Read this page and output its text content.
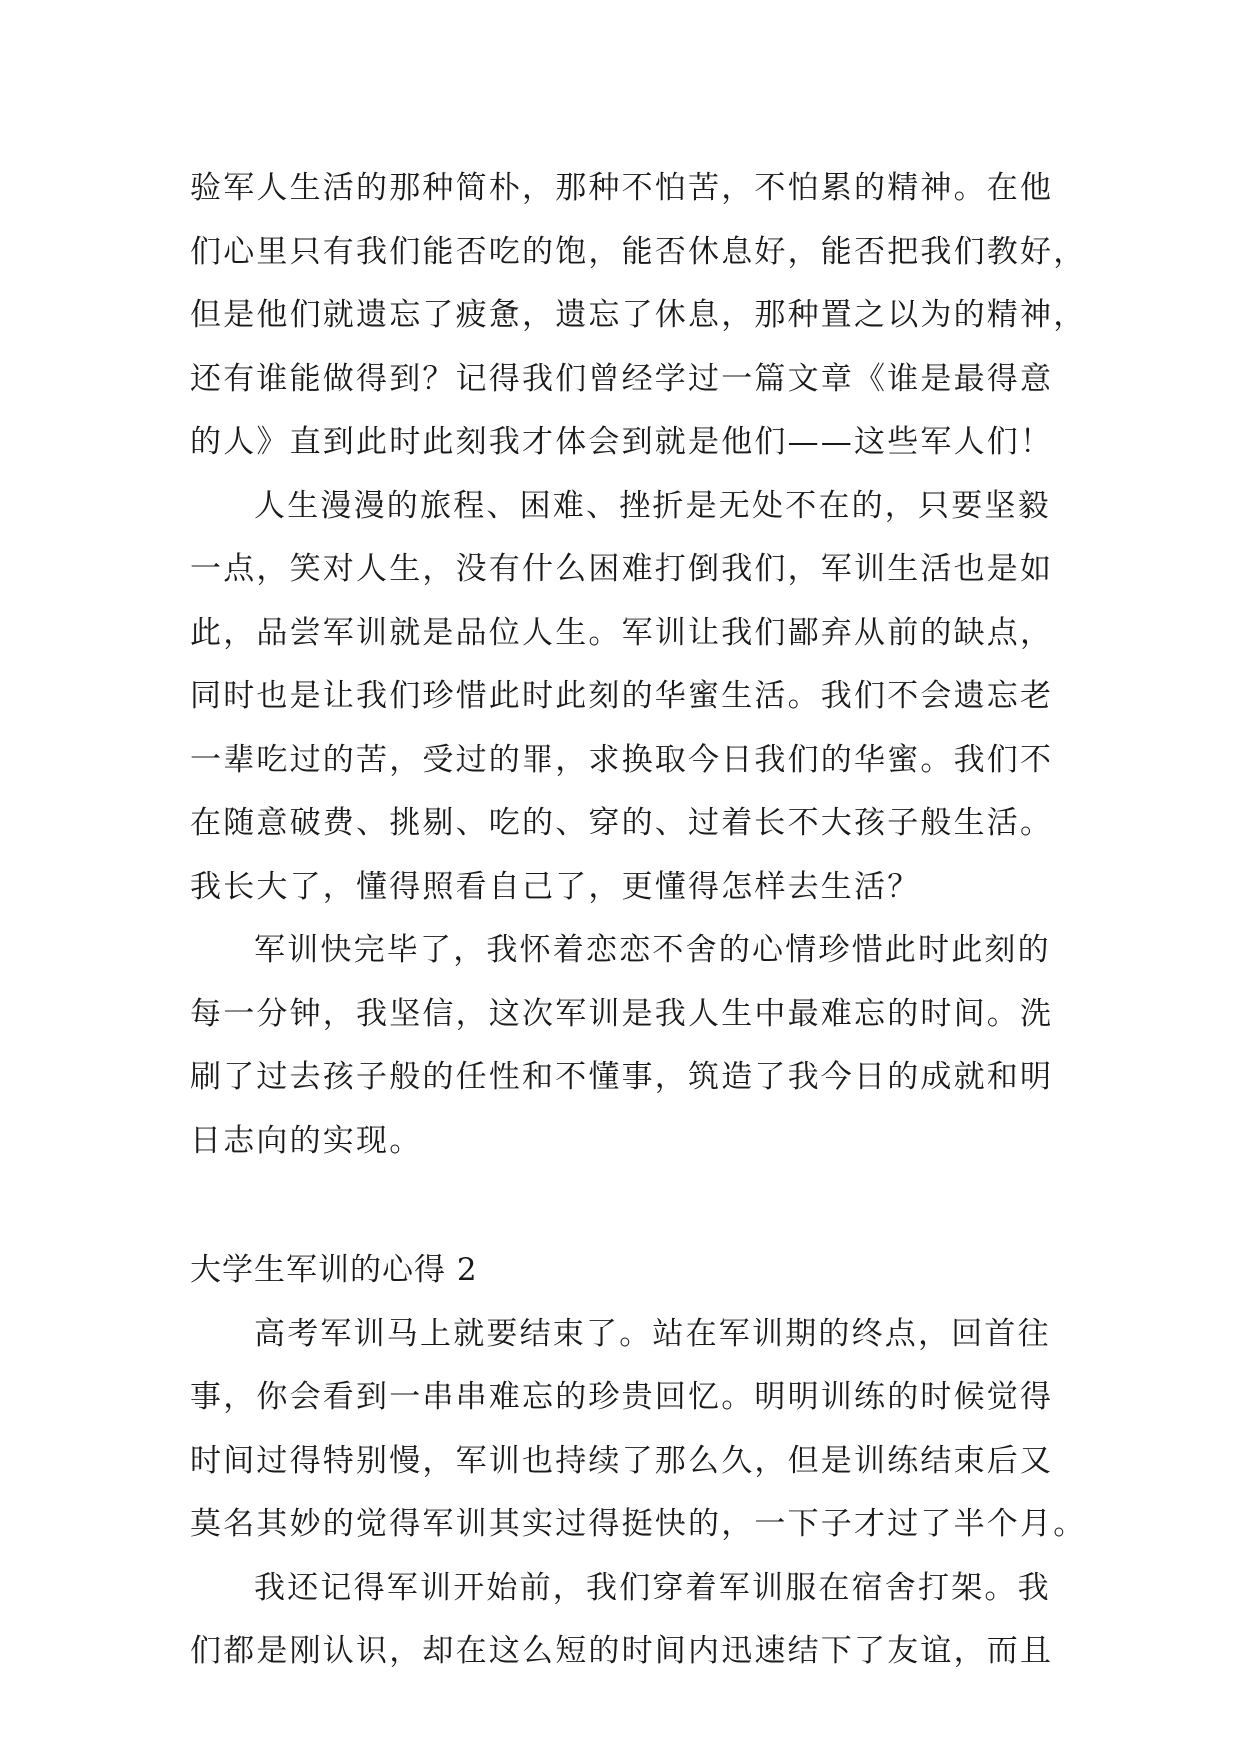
验军人生活的那种简朴，那种不怕苦，不怕累的精神。在他
们心里只有我们能否吃的饱，能否休息好，能否把我们教好，
但是他们就遗忘了疲惫，遗忘了休息，那种置之以为的精神，
还有谁能做得到？记得我们曾经学过一篇文章《谁是最得意
的人》直到此时此刻我才体会到就是他们——这些军人们！
人生漫漫的旅程、困难、挫折是无处不在的，只要坚毅
一点，笑对人生，没有什么困难打倒我们，军训生活也是如
此，品尝军训就是品位人生。军训让我们鄙弃从前的缺点，
同时也是让我们珍惜此时此刻的华蜜生活。我们不会遗忘老
一辈吃过的苦，受过的罪，求换取今日我们的华蜜。我们不
在随意破费、挑剔、吃的、穿的、过着长不大孩子般生活。
我长大了，懂得照看自己了，更懂得怎样去生活？
军训快完毕了，我怀着恋恋不舍的心情珍惜此时此刻的
每一分钟，我坚信，这次军训是我人生中最难忘的时间。洗
刷了过去孩子般的任性和不懂事，筑造了我今日的成就和明
日志向的实现。
大学生军训的心得 2
高考军训马上就要结束了。站在军训期的终点，回首往
事，你会看到一串串难忘的珍贵回忆。明明训练的时候觉得
时间过得特别慢，军训也持续了那么久，但是训练结束后又
莫名其妙的觉得军训其实过得挺快的，一下子才过了半个月。
我还记得军训开始前，我们穿着军训服在宿舍打架。我
们都是刚认识，却在这么短的时间内迅速结下了友谊，而且
